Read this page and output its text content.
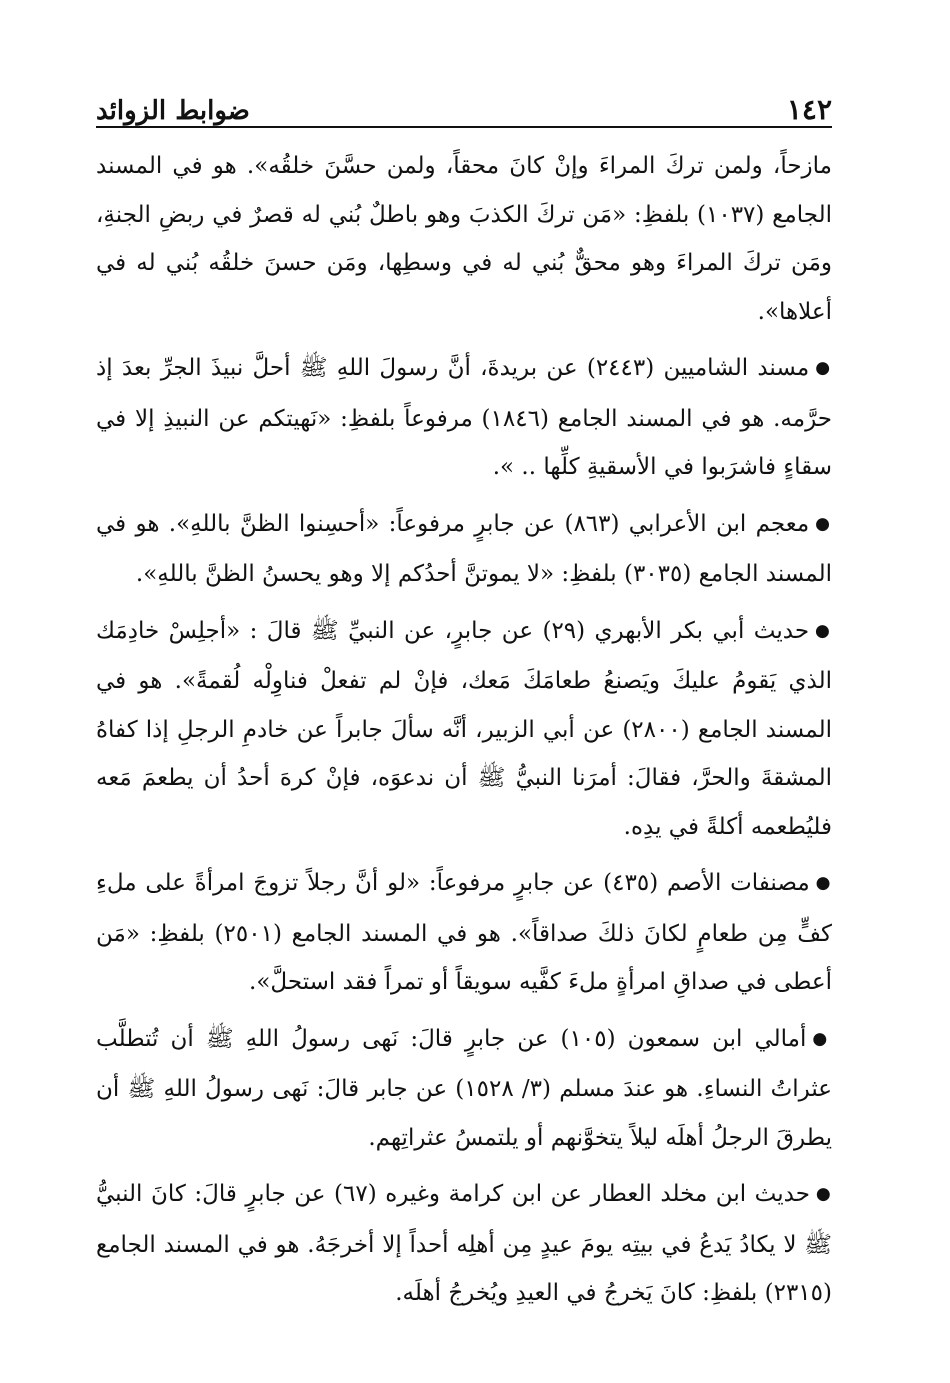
١٤٢
ضوابط الزوائد

مازحاً، ولمن تركَ المراءَ وإنْ كانَ محقاً، ولمن حسَّنَ خلقُه». هو في المسند الجامع (١٠٣٧) بلفظِ: «مَن تركَ الكذبَ وهو باطلٌ بُني له قصرٌ في ربضِ الجنةِ، ومَن تركَ المراءَ وهو محقٌّ بُني له في وسطِها، ومَن حسنَ خلقُه بُني له في أعلاها».

●مسند الشاميين (٢٤٤٣) عن بريدةَ، أنَّ رسولَ اللهِ ﷺ أحلَّ نبيذَ الجرِّ بعدَ إذ حرَّمه. هو في المسند الجامع (١٨٤٦) مرفوعاً بلفظِ: «نَهيتكم عن النبيذِ إلا في سقاءٍ فاشرَبوا في الأسقيةِ كلِّها .. ».

●معجم ابن الأعرابي (٨٦٣) عن جابرٍ مرفوعاً: «أحسِنوا الظنَّ باللهِ». هو في المسند الجامع (٣٠٣٥) بلفظِ: «لا يموتنَّ أحدُكم إلا وهو يحسنُ الظنَّ باللهِ».

●حديث أبي بكر الأبهري (٢٩) عن جابرٍ، عن النبيِّ ﷺ قالَ : «أجلِسْ خادِمَك الذي يَقومُ عليكَ ويَصنعُ طعامَكَ مَعك، فإنْ لم تفعلْ فناوِلْه لُقمةً». هو في المسند الجامع (٢٨٠٠) عن أبي الزبير، أنَّه سألَ جابراً عن خادمِ الرجلِ إذا كفاهُ المشقةَ والحرَّ، فقالَ: أمرَنا النبيُّ ﷺ أن ندعوَه، فإنْ كرهَ أحدُ أن يطعمَ مَعه فليُطعمه أكلةً في يدِه.

●مصنفات الأصم (٤٣٥) عن جابرٍ مرفوعاً: «لو أنَّ رجلاً تزوجَ امرأةً على ملءِ كفٍّ مِن طعامٍ لكانَ ذلكَ صداقاً». هو في المسند الجامع (٢٥٠١) بلفظِ: «مَن أعطى في صداقِ امرأةٍ ملءَ كفَّيه سويقاً أو تمراً فقد استحلَّ».

●أمالي ابن سمعون (١٠٥) عن جابرٍ قالَ: نَهى رسولُ اللهِ ﷺ أن تُتطلَّب عثراتُ النساءِ. هو عندَ مسلم (٣/ ١٥٢٨) عن جابر قالَ: نَهى رسولُ اللهِ ﷺ أن يطرقَ الرجلُ أهلَه ليلاً يتخوَّنهم أو يلتمسُ عثراتِهم.

●حديث ابن مخلد العطار عن ابن كرامة وغيره (٦٧) عن جابرٍ قالَ: كانَ النبيُّ ﷺ لا يكادُ يَدعُ في بيتِه يومَ عيدٍ مِن أهلِه أحداً إلا أخرجَهُ. هو في المسند الجامع (٢٣١٥) بلفظِ: كانَ يَخرجُ في العيدِ ويُخرجُ أهلَه.
